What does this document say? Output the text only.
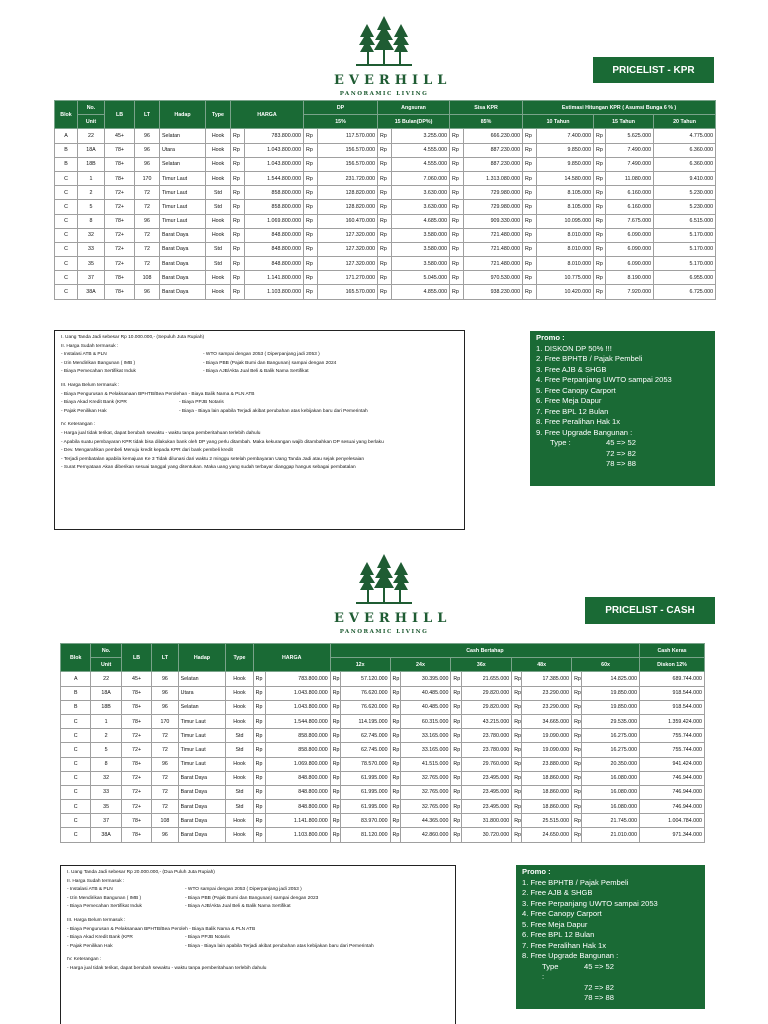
EVERHILL
PANORAMIC LIVING
PRICELIST - KPR
Blok	No.	LB	LT	Hadap	Type	HARGA		DP		Angsuran		Sisa KPR		Estimasi Hitungan KPR ( Asumsi Bunga 6 % )				
	Unit							15%		15 Bulan(DP%)		85%		10 Tahun		15 Tahun		20 Tahun
A	22	45+	96	Selatan	Hook	Rp	783.800.000	Rp	117.570.000	Rp	3.255.000	Rp	666.230.000	Rp	7.400.000	Rp	5.625.000	4.775.000
B	18A	78+	96	Utara	Hook	Rp	1.043.800.000	Rp	156.570.000	Rp	4.555.000	Rp	887.230.000	Rp	9.850.000	Rp	7.490.000	6.360.000
B	18B	78+	96	Selatan	Hook	Rp	1.043.800.000	Rp	156.570.000	Rp	4.555.000	Rp	887.230.000	Rp	9.850.000	Rp	7.490.000	6.360.000
C	1	78+	170	Timur Laut	Hook	Rp	1.544.800.000	Rp	231.720.000	Rp	7.060.000	Rp	1.313.080.000	Rp	14.580.000	Rp	11.080.000	9.410.000
C	2	72+	72	Timur Laut	Std	Rp	858.800.000	Rp	128.820.000	Rp	3.630.000	Rp	729.980.000	Rp	8.105.000	Rp	6.160.000	5.230.000
C	5	72+	72	Timur Laut	Std	Rp	858.800.000	Rp	128.820.000	Rp	3.630.000	Rp	729.980.000	Rp	8.105.000	Rp	6.160.000	5.230.000
C	8	78+	96	Timur Laut	Hook	Rp	1.069.800.000	Rp	160.470.000	Rp	4.685.000	Rp	909.330.000	Rp	10.095.000	Rp	7.675.000	6.515.000
C	32	72+	72	Barat Daya	Hook	Rp	848.800.000	Rp	127.320.000	Rp	3.580.000	Rp	721.480.000	Rp	8.010.000	Rp	6.090.000	5.170.000
C	33	72+	72	Barat Daya	Std	Rp	848.800.000	Rp	127.320.000	Rp	3.580.000	Rp	721.480.000	Rp	8.010.000	Rp	6.090.000	5.170.000
C	35	72+	72	Barat Daya	Std	Rp	848.800.000	Rp	127.320.000	Rp	3.580.000	Rp	721.480.000	Rp	8.010.000	Rp	6.090.000	5.170.000
C	37	78+	108	Barat Daya	Hook	Rp	1.141.800.000	Rp	171.270.000	Rp	5.045.000	Rp	970.530.000	Rp	10.775.000	Rp	8.190.000	6.955.000
C	38A	78+	96	Barat Daya	Hook	Rp	1.103.800.000	Rp	165.570.000	Rp	4.855.000	Rp	938.230.000	Rp	10.420.000	Rp	7.920.000	6.725.000
I. Uang Tanda Jadi sebesar Rp 10.000.000,- (Sepuluh Juta Rupiah)
II. Harga Sudah termasuk :
- Instalasi ATB & PLN	- WTO sampai dengan 2053 ( Diperpanjang jadi 2053 )
- Izin Mendirikan Bangunan ( IMB )	- Biaya PBB (Pajak Bumi dan Bangunan) sampai dengan 2024
- Biaya Pemecahan Sertifikat Induk	- Biaya AJB/Akta Jual Beli & Balik Nama Sertifikat
III. Harga Belum termasuk :
- Biaya Pengurusan & Pelaksanaan BPHTB/Bea Perolehan - Biaya Balik Nama & PLN ATB
- Biaya Akad Kredit Bank (KPR	- Biaya PPJB Notaris
- Pajak Penilikan Hak	- Biaya - Biaya lain apabila Terjadi akibat perubahan atas kebijakan baru dari Pemerintah
IV. Keterangan :
- Harga jual tidak terikat, dapat berubah sewaktu - waktu tanpa pemberitahuan terlebih dahulu
- Apabila suatu pembayaran KPR tidak bisa dilakukan bank oleh DP yang perlu ditambah. Maka kekurangan wajib ditambahkan DP sesuai yang berlaku
- Dev. Mengarahkan pembeli Menuju kredit kepada KPR dari bank pembeli kredit
- Terjadi pembatalan apabila kemajuan Ke 3 Tidak dilunasi dari waktu 2 minggu setelah pembayaran Uang Tanda Jadi atau sejak penyelesaian
- Surat Pernyataan Akan diberikan sesuai tanggal yang ditentukan. Maka uang yang sudah terbayar dianggap hangus sebagai pembatalan
Promo :
1. DISKON DP 50% !!!
2. Free BPHTB / Pajak Pembeli
3. Free AJB & SHGB
4. Free Perpanjang UWTO sampai 2053
5. Free Canopy Carport
6. Free Meja Dapur
7. Free BPL 12 Bulan
8. Free Peralihan Hak 1x
9. Free Upgrade Bangunan :
Type :	45 => 52
72 => 82
78 => 88
EVERHILL
PANORAMIC LIVING
PRICELIST - CASH
Blok	No.	LB	LT	Hadap	Type	HARGA		Cash Bertahap										Cash Keras
	Unit							12x		24x		36x		48x		60x		Diskon 12%
A	22	45+	96	Selatan	Hook	Rp	783.800.000	Rp	57.120.000	Rp	30.395.000	Rp	21.655.000	Rp	17.385.000	Rp	14.825.000	689.744.000
B	18A	78+	96	Utara	Hook	Rp	1.043.800.000	Rp	76.620.000	Rp	40.485.000	Rp	29.820.000	Rp	23.290.000	Rp	19.850.000	918.544.000
B	18B	78+	96	Selatan	Hook	Rp	1.043.800.000	Rp	76.620.000	Rp	40.485.000	Rp	29.820.000	Rp	23.290.000	Rp	19.850.000	918.544.000
C	1	78+	170	Timur Laut	Hook	Rp	1.544.800.000	Rp	114.195.000	Rp	60.315.000	Rp	43.215.000	Rp	34.665.000	Rp	29.535.000	1.359.424.000
C	2	72+	72	Timur Laut	Std	Rp	858.800.000	Rp	62.745.000	Rp	33.165.000	Rp	23.780.000	Rp	19.090.000	Rp	16.275.000	755.744.000
C	5	72+	72	Timur Laut	Std	Rp	858.800.000	Rp	62.745.000	Rp	33.165.000	Rp	23.780.000	Rp	19.090.000	Rp	16.275.000	755.744.000
C	8	78+	96	Timur Laut	Hook	Rp	1.069.800.000	Rp	78.570.000	Rp	41.515.000	Rp	29.760.000	Rp	23.880.000	Rp	20.350.000	941.424.000
C	32	72+	72	Barat Daya	Hook	Rp	848.800.000	Rp	61.995.000	Rp	32.765.000	Rp	23.495.000	Rp	18.860.000	Rp	16.080.000	746.944.000
C	33	72+	72	Barat Daya	Std	Rp	848.800.000	Rp	61.995.000	Rp	32.765.000	Rp	23.495.000	Rp	18.860.000	Rp	16.080.000	746.944.000
C	35	72+	72	Barat Daya	Std	Rp	848.800.000	Rp	61.995.000	Rp	32.765.000	Rp	23.495.000	Rp	18.860.000	Rp	16.080.000	746.944.000
C	37	78+	108	Barat Daya	Hook	Rp	1.141.800.000	Rp	83.970.000	Rp	44.365.000	Rp	31.800.000	Rp	25.515.000	Rp	21.745.000	1.004.784.000
C	38A	78+	96	Barat Daya	Hook	Rp	1.103.800.000	Rp	81.120.000	Rp	42.860.000	Rp	30.720.000	Rp	24.650.000	Rp	21.010.000	971.344.000
I. Uang Tanda Jadi sebesar Rp 20.000.000,- (Dua Puluh Juta Rupiah)
II. Harga Sudah termasuk :
- Instalasi ATB & PLN	- WTO sampai dengan 2053 ( Diperpanjang jadi 2053 )
- Izin Mendirikan Bangunan ( IMB )	- Biaya PBB (Pajak Bumi dan Bangunan) sampai dengan 2023
- Biaya Pemecahan Sertifikat Induk	- Biaya AJB/Akta Jual Beli & Balik Nama Sertifikat
III. Harga Belum termasuk :
- Biaya Pengurusan & Pelaksanaan BPHTB/Bea Peroleh - Biaya Balik Nama & PLN ATB
- Biaya Akad Kredit Bank (KPR	- Biaya PPJB Notaris
- Pajak Penilikan Hak	- Biaya - Biaya lain apabila Terjadi akibat perubahan atas kebijakan baru dari Pemerintah
IV. Keterangan :
- Harga jual tidak terikat, dapat berubah sewaktu - waktu tanpa pemberitahuan terlebih dahulu
Promo :
1. Free BPHTB / Pajak Pembeli
2. Free AJB & SHGB
3. Free Perpanjang UWTO sampai 2053
4. Free Canopy Carport
5. Free Meja Dapur
6. Free BPL 12 Bulan
7. Free Peralihan Hak 1x
8. Free Upgrade Bangunan :
Type :
45 => 52
72 => 82
78 => 88
